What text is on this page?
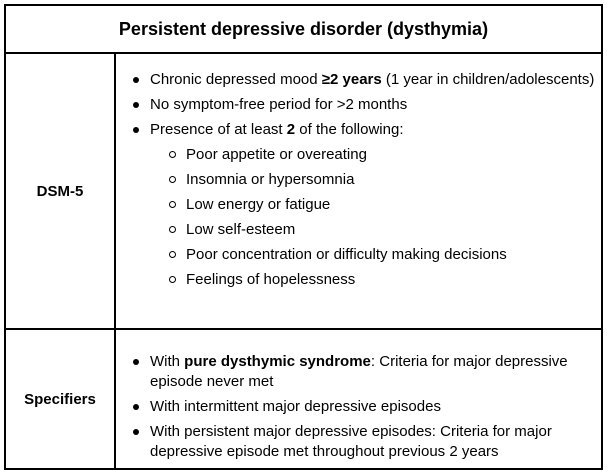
Persistent depressive disorder (dysthymia)
DSM-5
Chronic depressed mood ≥2 years (1 year in children/adolescents)
No symptom-free period for >2 months
Presence of at least 2 of the following:
Poor appetite or overeating
Insomnia or hypersomnia
Low energy or fatigue
Low self-esteem
Poor concentration or difficulty making decisions
Feelings of hopelessness
Specifiers
With pure dysthymic syndrome: Criteria for major depressive episode never met
With intermittent major depressive episodes
With persistent major depressive episodes: Criteria for major depressive episode met throughout previous 2 years
